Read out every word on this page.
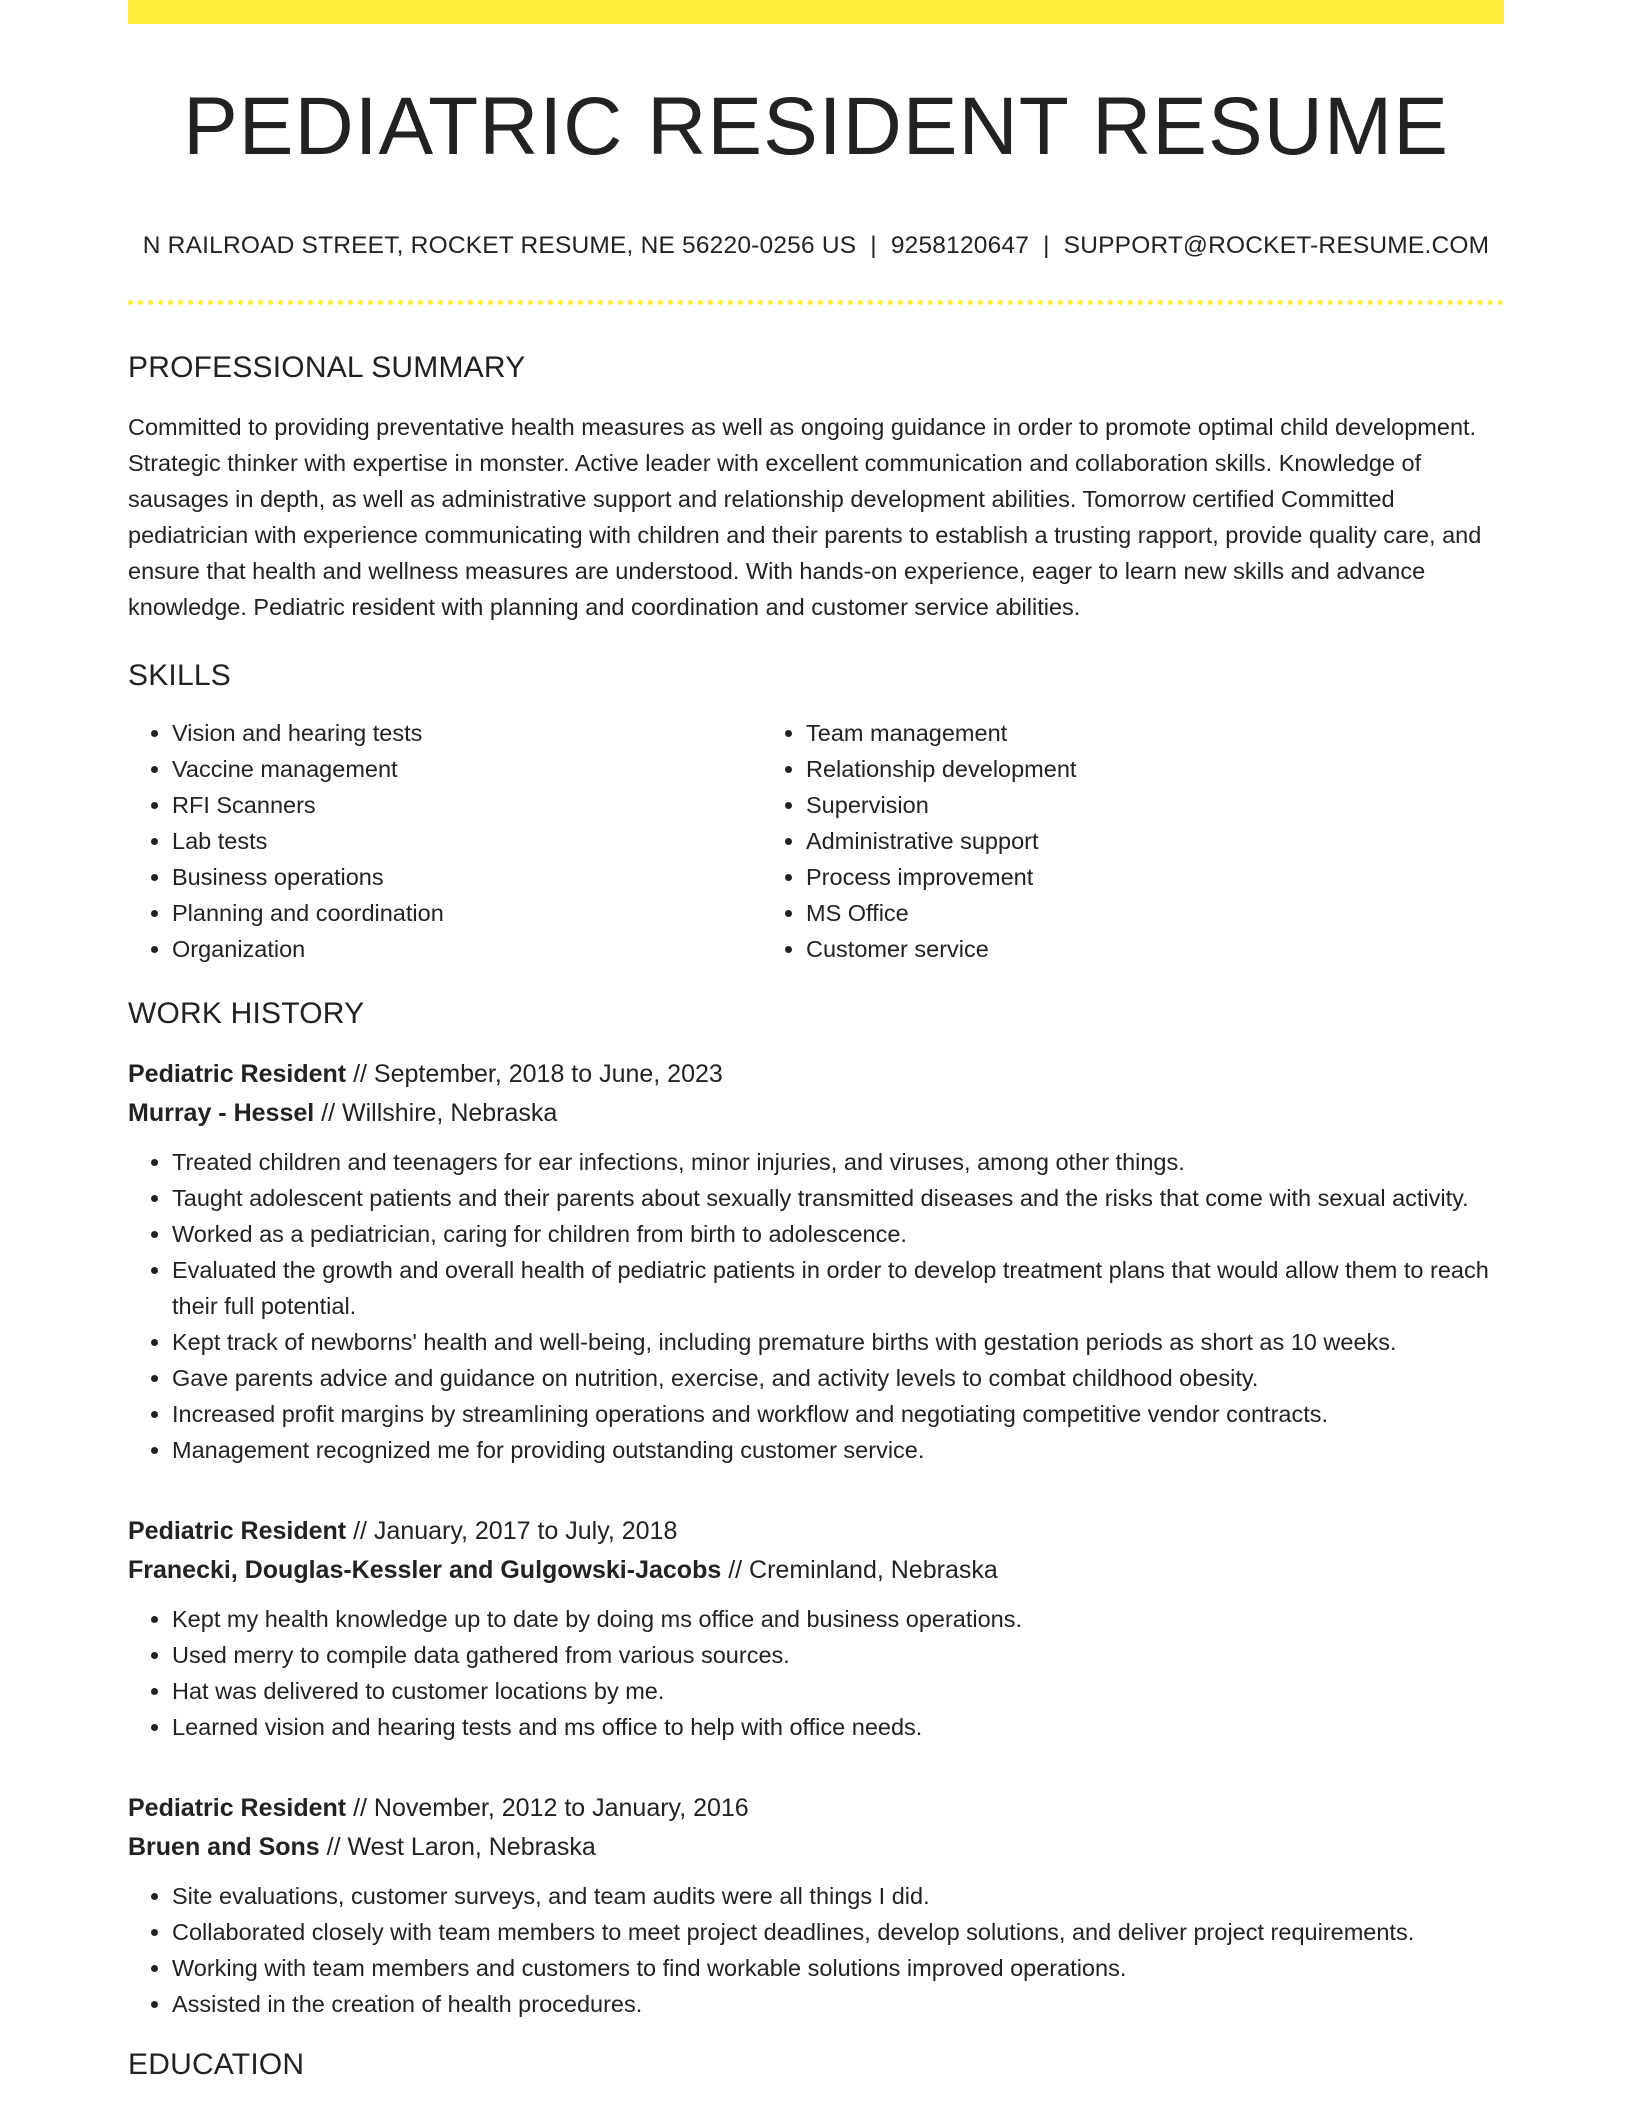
PEDIATRIC RESIDENT RESUME
N RAILROAD STREET, ROCKET RESUME, NE 56220-0256 US | 9258120647 | SUPPORT@ROCKET-RESUME.COM
PROFESSIONAL SUMMARY

Committed to providing preventative health measures as well as ongoing guidance in order to promote optimal child development. Strategic thinker with expertise in monster. Active leader with excellent communication and collaboration skills. Knowledge of sausages in depth, as well as administrative support and relationship development abilities. Tomorrow certified Committed pediatrician with experience communicating with children and their parents to establish a trusting rapport, provide quality care, and ensure that health and wellness measures are understood. With hands-on experience, eager to learn new skills and advance knowledge. Pediatric resident with planning and coordination and customer service abilities.

SKILLS
• Vision and hearing tests
• Vaccine management
• RFI Scanners
• Lab tests
• Business operations
• Planning and coordination
• Organization
• Team management
• Relationship development
• Supervision
• Administrative support
• Process improvement
• MS Office
• Customer service
WORK HISTORY
Pediatric Resident // September, 2018 to June, 2023
Murray - Hessel // Willshire, Nebraska
• Treated children and teenagers for ear infections, minor injuries, and viruses, among other things.
• Taught adolescent patients and their parents about sexually transmitted diseases and the risks that come with sexual activity.
• Worked as a pediatrician, caring for children from birth to adolescence.
• Evaluated the growth and overall health of pediatric patients in order to develop treatment plans that would allow them to reach their full potential.
• Kept track of newborns' health and well-being, including premature births with gestation periods as short as 10 weeks.
• Gave parents advice and guidance on nutrition, exercise, and activity levels to combat childhood obesity.
• Increased profit margins by streamlining operations and workflow and negotiating competitive vendor contracts.
• Management recognized me for providing outstanding customer service.
Pediatric Resident // January, 2017 to July, 2018
Franecki, Douglas-Kessler and Gulgowski-Jacobs // Creminland, Nebraska
• Kept my health knowledge up to date by doing ms office and business operations.
• Used merry to compile data gathered from various sources.
• Hat was delivered to customer locations by me.
• Learned vision and hearing tests and ms office to help with office needs.
Pediatric Resident // November, 2012 to January, 2016
Bruen and Sons // West Laron, Nebraska
• Site evaluations, customer surveys, and team audits were all things I did.
• Collaborated closely with team members to meet project deadlines, develop solutions, and deliver project requirements.
• Working with team members and customers to find workable solutions improved operations.
• Assisted in the creation of health procedures.
EDUCATION
